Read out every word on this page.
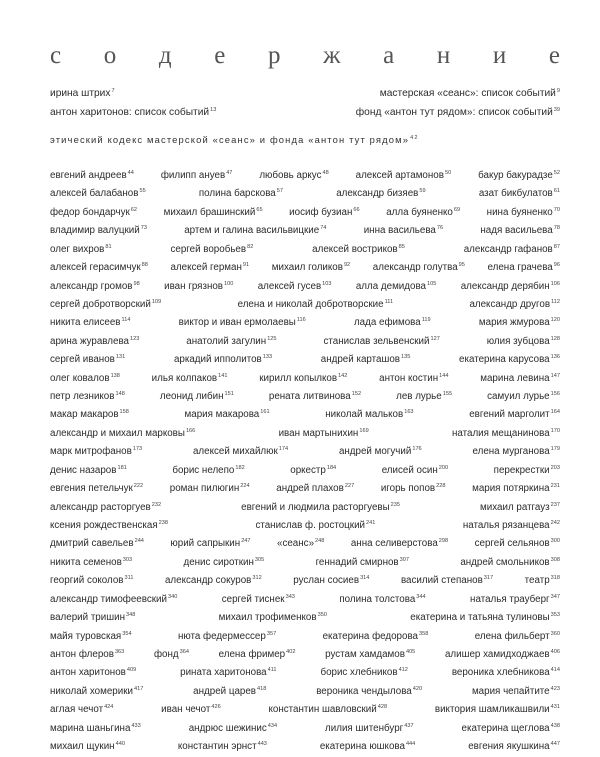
с о д е р ж а н и е
ирина штрих$^7$	мастерская «сеанс»: список событий$^9$
антон харитонов: список событий$^{13}$	фонд «антон тут рядом»: список событий$^{39}$
этический кодекс мастерской «сеанс» и фонда «антон тут рядом»$^{42}$
евгений андреев$^{44}$	филипп ануев$^{47}$	любовь аркус$^{48}$	алексей артамонов$^{50}$	бакур бакурадзе$^{52}$
алексей балабанов$^{55}$	полина барскова$^{57}$	александр бизяев$^{59}$	азат бикбулатов$^{61}$
федор бондарчук$^{62}$	михаил брашинский$^{65}$	иосиф бузиан$^{66}$	алла буяненко$^{69}$	нина буяненко$^{70}$
владимир валуцкий$^{73}$	артем и галина васильвицкие$^{74}$	инна васильева$^{76}$	надя васильева$^{78}$
олег вихров$^{81}$	сергей воробьев$^{82}$	алексей востриков$^{85}$	александр гафанов$^{87}$
алексей герасимчук$^{88}$ алексей герман$^{91}$ михаил голиков$^{92}$ александр голутва$^{95}$ елена грачева$^{96}$
александр громов$^{98}$ иван грязнов$^{100}$ алексей гусев$^{103}$ алла демидова$^{105}$ александр дерябин$^{106}$
сергей добротворский$^{109}$	елена и николай добротворские$^{111}$	александр другов$^{112}$
никита елисеев$^{114}$	виктор и иван ермолаевы$^{116}$	лада ефимова$^{119}$	мария жмурова$^{120}$
арина журавлева$^{123}$	анатолий загулин$^{125}$	станислав зельвенский$^{127}$	юлия зубцова$^{128}$
сергей иванов$^{131}$	аркадий ипполитов$^{133}$	андрей карташов$^{135}$	екатерина карусова$^{136}$
олег ковалов$^{138}$	илья колпаков$^{141}$	кирилл копылков$^{142}$	антон костин$^{144}$	марина левина$^{147}$
петр лезников$^{148}$	леонид либин$^{151}$	рената литвинова$^{152}$	лев лурье$^{155}$	самуил лурье$^{156}$
макар макаров$^{158}$	мария макарова$^{161}$	николай мальков$^{163}$	евгений марголит$^{164}$
александр и михаил марковы$^{166}$	иван мартынихин$^{169}$	наталия мещанинова$^{170}$
марк митрофанов$^{173}$	алексей михайлюк$^{174}$	андрей могучий$^{176}$	елена мурганова$^{179}$
денис назаров$^{181}$	борис нелепо$^{182}$	оркестр$^{184}$	елисей осин$^{200}$	перекрестки$^{203}$
евгения петельчук$^{222}$	роман пилюгин$^{224}$	андрей плахов$^{227}$	игорь попов$^{228}$	мария потяркина$^{231}$
александр расторгуев$^{232}$	евгений и людмила расторгуевы$^{235}$	михаил ратгауз$^{237}$
ксения рождественская$^{238}$	станислав ф. ростоцкий$^{241}$	наталья рязанцева$^{242}$
дмитрий савельев$^{244}$	юрий сапрыкин$^{247}$	«сеанс»$^{248}$	анна селиверстова$^{298}$	сергей сельянов$^{300}$
никита семенов$^{303}$	денис сироткин$^{305}$	геннадий смирнов$^{307}$	андрей смольников$^{308}$
георгий соколов$^{311}$	александр сокуров$^{312}$	руслан сосиев$^{314}$	василий степанов$^{317}$	театр$^{318}$
александр тимофеевский$^{340}$	сергей тиснек$^{343}$	полина толстова$^{344}$	наталья трауберг$^{347}$
валерий тришин$^{348}$	михаил трофименков$^{350}$	екатерина и татьяна тулиновы$^{353}$
майя туровская$^{354}$	нюта федермессер$^{357}$	екатерина федорова$^{358}$	елена фильберт$^{360}$
антон флеров$^{363}$	фонд$^{364}$	елена фример$^{402}$	рустам хамдамов$^{405}$	алишер хамидходжаев$^{406}$
антон харитонов$^{409}$	рината харитонова$^{411}$	борис хлебников$^{412}$	вероника хлебникова$^{414}$
николай хомерики$^{417}$	андрей царев$^{418}$	вероника чендылова$^{420}$	мария чепайтите$^{423}$
аглая чечот$^{424}$	иван чечот$^{426}$	константин шавловский$^{428}$	виктория шамликашвили$^{431}$
марина шаньгина$^{433}$	андрюс шежинис$^{434}$	лилия шитенбург$^{437}$	екатерина щеглова$^{438}$
михаил щукин$^{440}$	константин эрнст$^{443}$	екатерина юшкова$^{444}$	евгения якушкина$^{447}$
